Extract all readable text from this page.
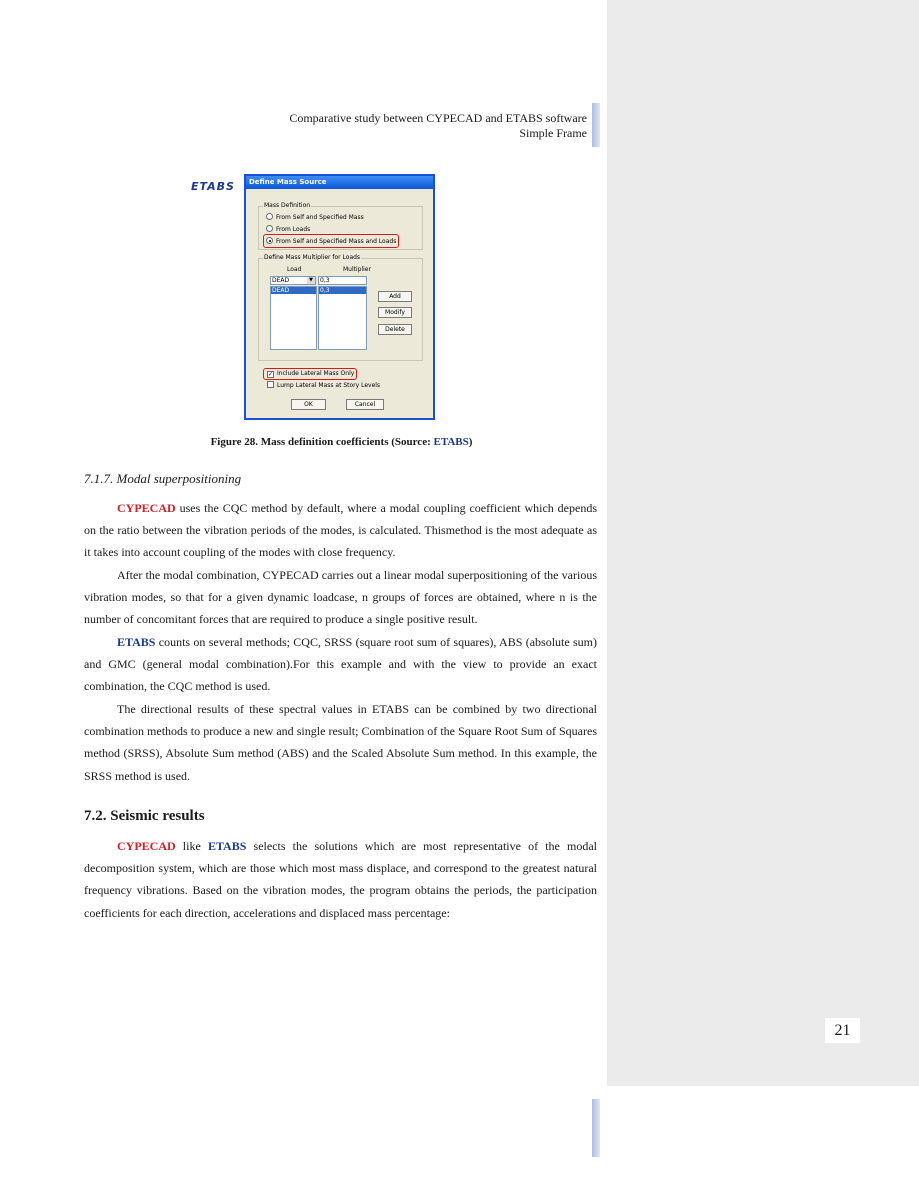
Comparative study between CYPECAD and ETABS software
Simple Frame
ETABS	Define Mass Source
Mass Definition
From Self and Specified Mass
From Loads
From Self and Specified Mass and Loads
Define Mass Multiplier for Loads
Load	Multiplier
DEAD	▼	0,3
DEAD	0,3
Add
Modify
Delete
✓ Include Lateral Mass Only
Lump Lateral Mass at Story Levels
OK	Cancel
Figure 28. Mass definition coefficients (Source: ETABS)
7.1.7. Modal superpositioning

CYPECAD uses the CQC method by default, where a modal coupling coefficient which depends on the ratio between the vibration periods of the modes, is calculated. Thismethod is the most adequate as it takes into account coupling of the modes with close frequency.

After the modal combination, CYPECAD carries out a linear modal superpositioning of the various vibration modes, so that for a given dynamic loadcase, n groups of forces are obtained, where n is the number of concomitant forces that are required to produce a single positive result.

ETABS counts on several methods; CQC, SRSS (square root sum of squares), ABS (absolute sum) and GMC (general modal combination).For this example and with the view to provide an exact combination, the CQC method is used.

The directional results of these spectral values in ETABS can be combined by two directional combination methods to produce a new and single result; Combination of the Square Root Sum of Squares method (SRSS), Absolute Sum method (ABS) and the Scaled Absolute Sum method. In this example, the SRSS method is used.

7.2. Seismic results

CYPECAD like ETABS selects the solutions which are most representative of the modal decomposition system, which are those which most mass displace, and correspond to the greatest natural frequency vibrations. Based on the vibration modes, the program obtains the periods, the participation coefficients for each direction, accelerations and displaced mass percentage:

21
